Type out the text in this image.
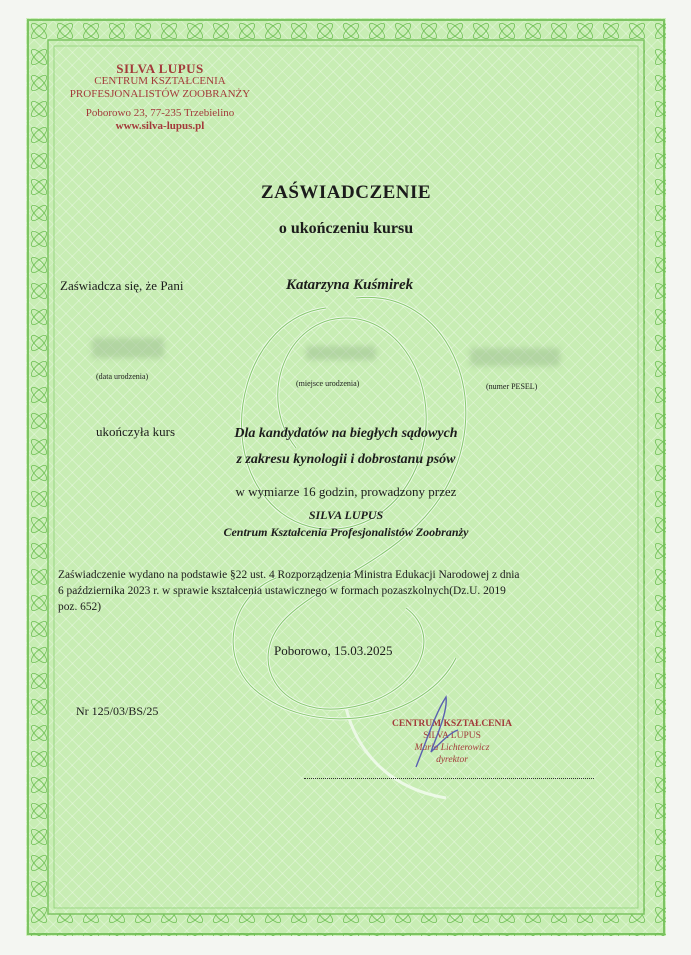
SILVA LUPUS
CENTRUM KSZTAŁCENIA
PROFESJONALISTÓW ZOOBRANŻY
Poborowo 23, 77-235 Trzebielino
www.silva-lupus.pl
ZAŚWIADCZENIE
o ukończeniu kursu
Zaświadcza się, że Pani	Katarzyna Kuśmirek
(data urodzenia)
(miejsce urodzenia)	(numer PESEL)
ukończyła kurs	Dla kandydatów na biegłych sądowych
z zakresu kynologii i dobrostanu psów
w wymiarze 16 godzin, prowadzony przez
SILVA LUPUS
Centrum Kształcenia Profesjonalistów Zoobranży
Zaświadczenie wydano na podstawie §22 ust. 4 Rozporządzenia Ministra Edukacji Narodowej z dnia
6 października 2023 r. w sprawie kształcenia ustawicznego w formach pozaszkolnych(Dz.U. 2019
poz. 652)
Poborowo, 15.03.2025
Nr 125/03/BS/25
CENTRUM KSZTAŁCENIA
SILVA LUPUS
Maria Lichterowicz
dyrektor
